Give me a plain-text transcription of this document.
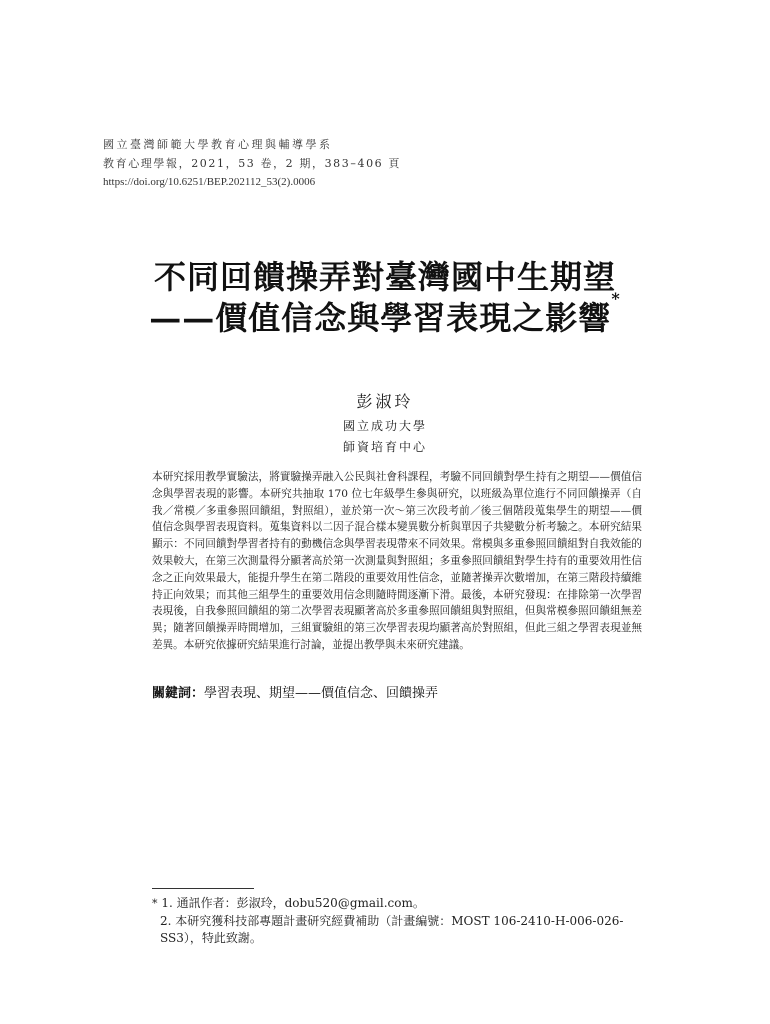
國立臺灣師範大學教育心理與輔導學系
教育心理學報，2021，53 卷，2 期，383–406 頁
https://doi.org/10.6251/BEP.202112_53(2).0006
不同回饋操弄對臺灣國中生期望
——價值信念與學習表現之影響*
彭淑玲
國立成功大學
師資培育中心
本研究採用教學實驗法，將實驗操弄融入公民與社會科課程，考驗不同回饋對學生持有之期望——價值信念與學習表現的影響。本研究共抽取 170 位七年級學生參與研究，以班級為單位進行不同回饋操弄（自我／常模／多重參照回饋組，對照組），並於第一次～第三次段考前／後三個階段蒐集學生的期望——價值信念與學習表現資料。蒐集資料以二因子混合樣本變異數分析與單因子共變數分析考驗之。本研究結果顯示：不同回饋對學習者持有的動機信念與學習表現帶來不同效果。常模與多重參照回饋組對自我效能的效果較大，在第三次測量得分顯著高於第一次測量與對照組；多重參照回饋組對學生持有的重要效用性信念之正向效果最大，能提升學生在第二階段的重要效用性信念，並隨著操弄次數增加，在第三階段持續維持正向效果；而其他三組學生的重要效用信念則隨時間逐漸下滑。最後，本研究發現：在排除第一次學習表現後，自我參照回饋組的第二次學習表現顯著高於多重參照回饋組與對照組，但與常模參照回饋組無差異；隨著回饋操弄時間增加，三組實驗組的第三次學習表現均顯著高於對照組，但此三組之學習表現並無差異。本研究依據研究結果進行討論，並提出教學與未來研究建議。
關鍵詞：學習表現、期望——價值信念、回饋操弄
* 1. 通訊作者：彭淑玲，dobu520@gmail.com。
2. 本研究獲科技部專題計畫研究經費補助（計畫編號：MOST 106-2410-H-006-026-SS3），特此致謝。
